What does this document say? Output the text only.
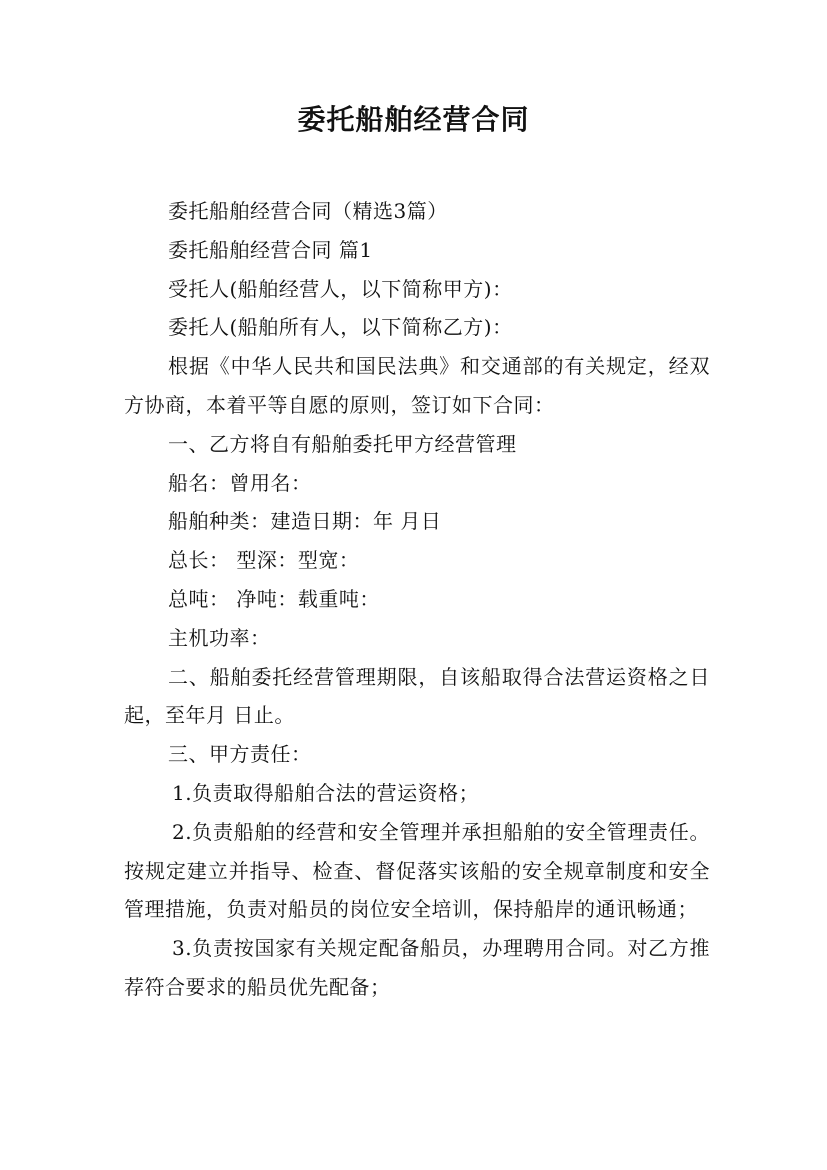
委托船舶经营合同

委托船舶经营合同（精选3篇）

委托船舶经营合同 篇1

受托人(船舶经营人，以下简称甲方)：

委托人(船舶所有人，以下简称乙方)：

根据《中华人民共和国民法典》和交通部的有关规定，经双方协商，本着平等自愿的原则，签订如下合同：

一、乙方将自有船舶委托甲方经营管理

船名：曾用名：

船舶种类：建造日期：年 月日

总长： 型深：型宽：

总吨： 净吨：载重吨：

主机功率：

二、船舶委托经营管理期限，自该船取得合法营运资格之日起，至年月 日止。

三、甲方责任：

1.负责取得船舶合法的营运资格；

2.负责船舶的经营和安全管理并承担船舶的安全管理责任。按规定建立并指导、检查、督促落实该船的安全规章制度和安全管理措施，负责对船员的岗位安全培训，保持船岸的通讯畅通；

3.负责按国家有关规定配备船员，办理聘用合同。对乙方推荐符合要求的船员优先配备；
